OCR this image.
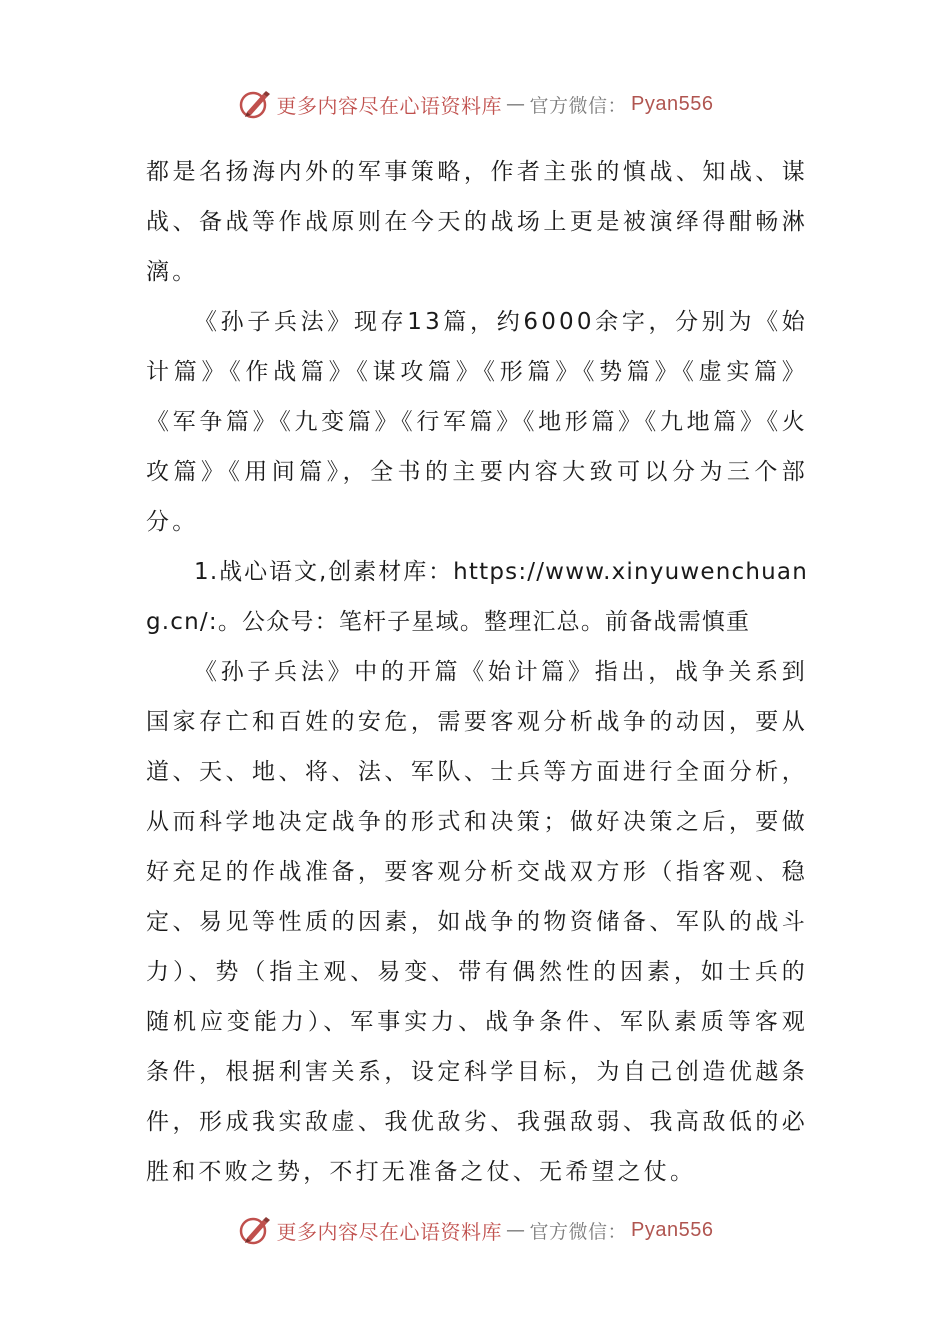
更多内容尽在心语资料库 — 官方微信： Pyan556

都是名扬海内外的军事策略，作者主张的慎战、知战、谋战、备战等作战原则在今天的战场上更是被演绎得酣畅淋漓。

《孙子兵法》现存13篇，约6000余字，分别为《始计篇》《作战篇》《谋攻篇》《形篇》《势篇》《虚实篇》《军争篇》《九变篇》《行军篇》《地形篇》《九地篇》《火攻篇》《用间篇》，全书的主要内容大致可以分为三个部分。

1.战心语文,创素材库：https://www.xinyuwenchuang.cn/:。公众号：笔杆子星域。整理汇总。前备战需慎重

《孙子兵法》中的开篇《始计篇》指出，战争关系到国家存亡和百姓的安危，需要客观分析战争的动因，要从道、天、地、将、法、军队、士兵等方面进行全面分析，从而科学地决定战争的形式和决策；做好决策之后，要做好充足的作战准备，要客观分析交战双方形（指客观、稳定、易见等性质的因素，如战争的物资储备、军队的战斗力）、势（指主观、易变、带有偶然性的因素，如士兵的随机应变能力）、军事实力、战争条件、军队素质等客观条件，根据利害关系，设定科学目标，为自己创造优越条件，形成我实敌虚、我优敌劣、我强敌弱、我高敌低的必胜和不败之势，不打无准备之仗、无希望之仗。

更多内容尽在心语资料库 — 官方微信： Pyan556
